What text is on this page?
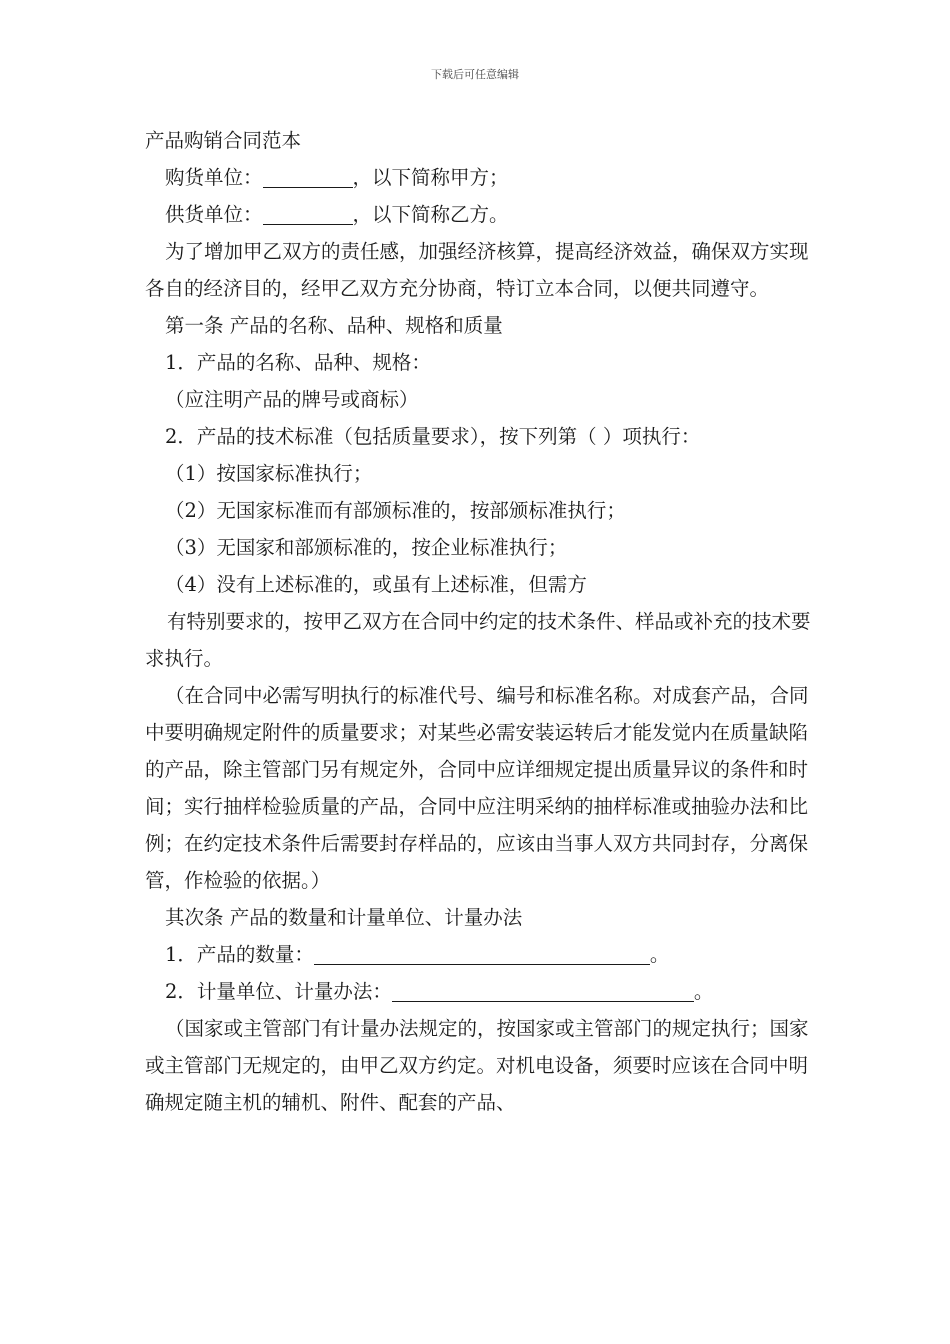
下载后可任意编辑

产品购销合同范本

购货单位：	，以下简称甲方；

供货单位：	，以下简称乙方。

为了增加甲乙双方的责任感，加强经济核算，提高经济效益，确保双方实现各自的经济目的，经甲乙双方充分协商，特订立本合同，以便共同遵守。

第一条 产品的名称、品种、规格和质量

1．产品的名称、品种、规格：

（应注明产品的牌号或商标）

2．产品的技术标准（包括质量要求），按下列第（ ）项执行：

（1）按国家标准执行；

（2）无国家标准而有部颁标准的，按部颁标准执行；

（3）无国家和部颁标准的，按企业标准执行；

（4）没有上述标准的，或虽有上述标准，但需方

有特别要求的，按甲乙双方在合同中约定的技术条件、样品或补充的技术要求执行。

（在合同中必需写明执行的标准代号、编号和标准名称。对成套产品，合同中要明确规定附件的质量要求；对某些必需安装运转后才能发觉内在质量缺陷的产品，除主管部门另有规定外，合同中应详细规定提出质量异议的条件和时间；实行抽样检验质量的产品，合同中应注明采纳的抽样标准或抽验办法和比例；在约定技术条件后需要封存样品的，应该由当事人双方共同封存，分离保管，作检验的依据。）

其次条 产品的数量和计量单位、计量办法

1．产品的数量：	。

2．计量单位、计量办法：	。

（国家或主管部门有计量办法规定的，按国家或主管部门的规定执行；国家或主管部门无规定的，由甲乙双方约定。对机电设备，须要时应该在合同中明确规定随主机的辅机、附件、配套的产品、
